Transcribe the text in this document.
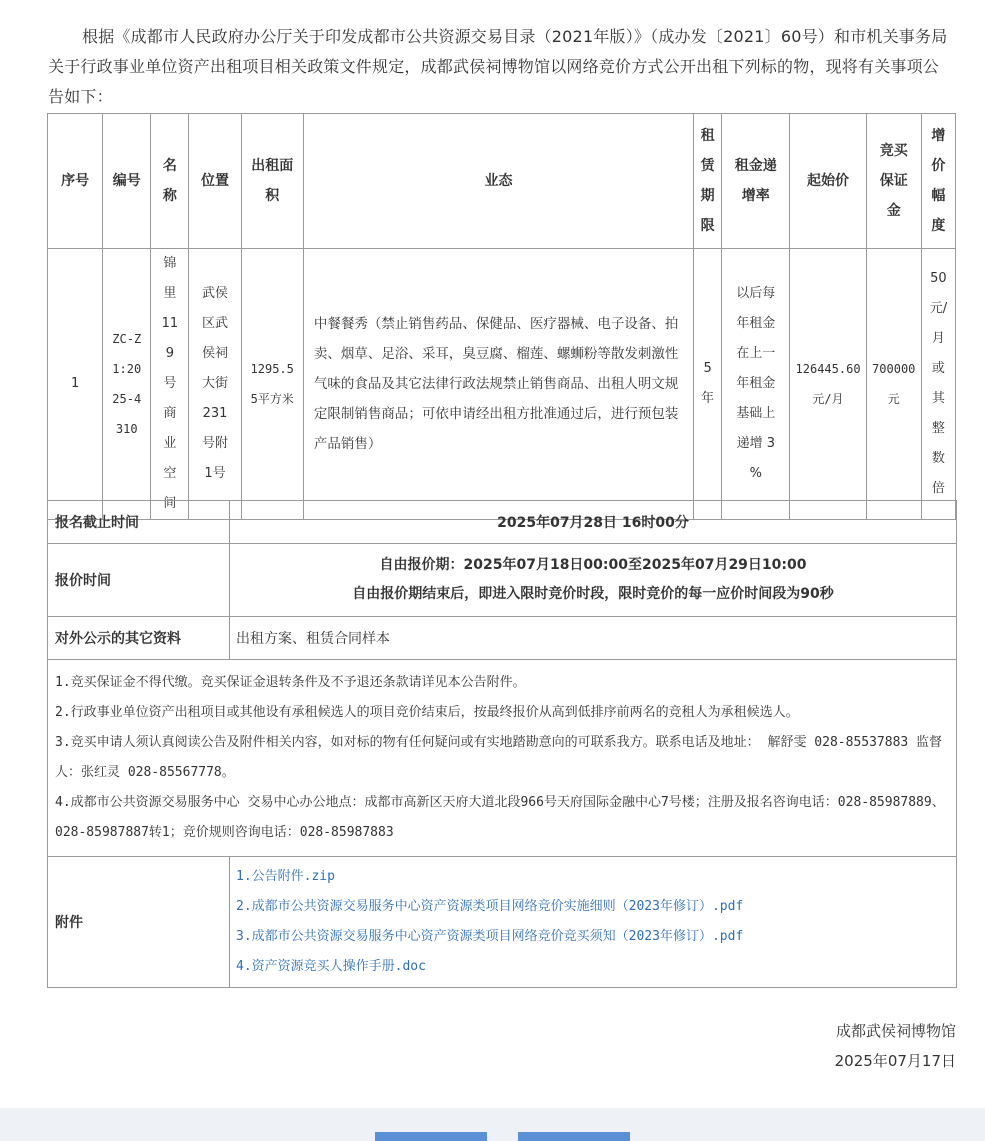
根据《成都市人民政府办公厅关于印发成都市公共资源交易目录（2021年版）》（成办发〔2021〕60号）和市机关事务局关于行政事业单位资产出租项目相关政策文件规定，成都武侯祠博物馆以网络竞价方式公开出租下列标的物，现将有关事项公告如下：

序号	编号	名称	位置	出租面积	业态	租赁期限	租金递增率	起始价	竞买保证金	增价幅度
1	ZC-Z1:2025-4310	锦里119号商业空间	武侯区武侯祠大街231号附1号	1295.55平方米	中餐餐秀（禁止销售药品、保健品、医疗器械、电子设备、拍卖、烟草、足浴、采耳，臭豆腐、榴莲、螺蛳粉等散发刺激性气味的食品及其它法律行政法规禁止销售商品、出租人明文规定限制销售商品；可依申请经出租方批准通过后，进行预包装产品销售）	5年	以后每年租金在上一年租金基础上递增 3 %	126445.60元/月	700000元	50元/月或其整数倍
报名截止时间	2025年07月28日 16时00分
报价时间	自由报价期：2025年07月18日00:00至2025年07月29日10:00
自由报价期结束后，即进入限时竞价时段，限时竞价的每一应价时间段为90秒

对外公示的其它资料	出租方案、租赁合同样本

1.竞买保证金不得代缴。竞买保证金退转条件及不予退还条款请详见本公告附件。
2.行政事业单位资产出租项目或其他设有承租候选人的项目竞价结束后，按最终报价从高到低排序前两名的竞租人为承租候选人。
3.竞买申请人须认真阅读公告及附件相关内容，如对标的物有任何疑问或有实地踏勘意向的可联系我方。联系电话及地址： 解舒雯 028-85537883 监督人：张红灵 028-85567778。
4.成都市公共资源交易服务中心 交易中心办公地点：成都市高新区天府大道北段966号天府国际金融中心7号楼；注册及报名咨询电话：028-85987889、028-85987887转1；竞价规则咨询电话：028-85987883	

附件	1.公告附件.zip
2.成都市公共资源交易服务中心资产资源类项目网络竞价实施细则（2023年修订）.pdf
3.成都市公共资源交易服务中心资产资源类项目网络竞价竞买须知（2023年修订）.pdf
4.资产资源竞买人操作手册.doc
成都武侯祠博物馆
2025年07月17日
